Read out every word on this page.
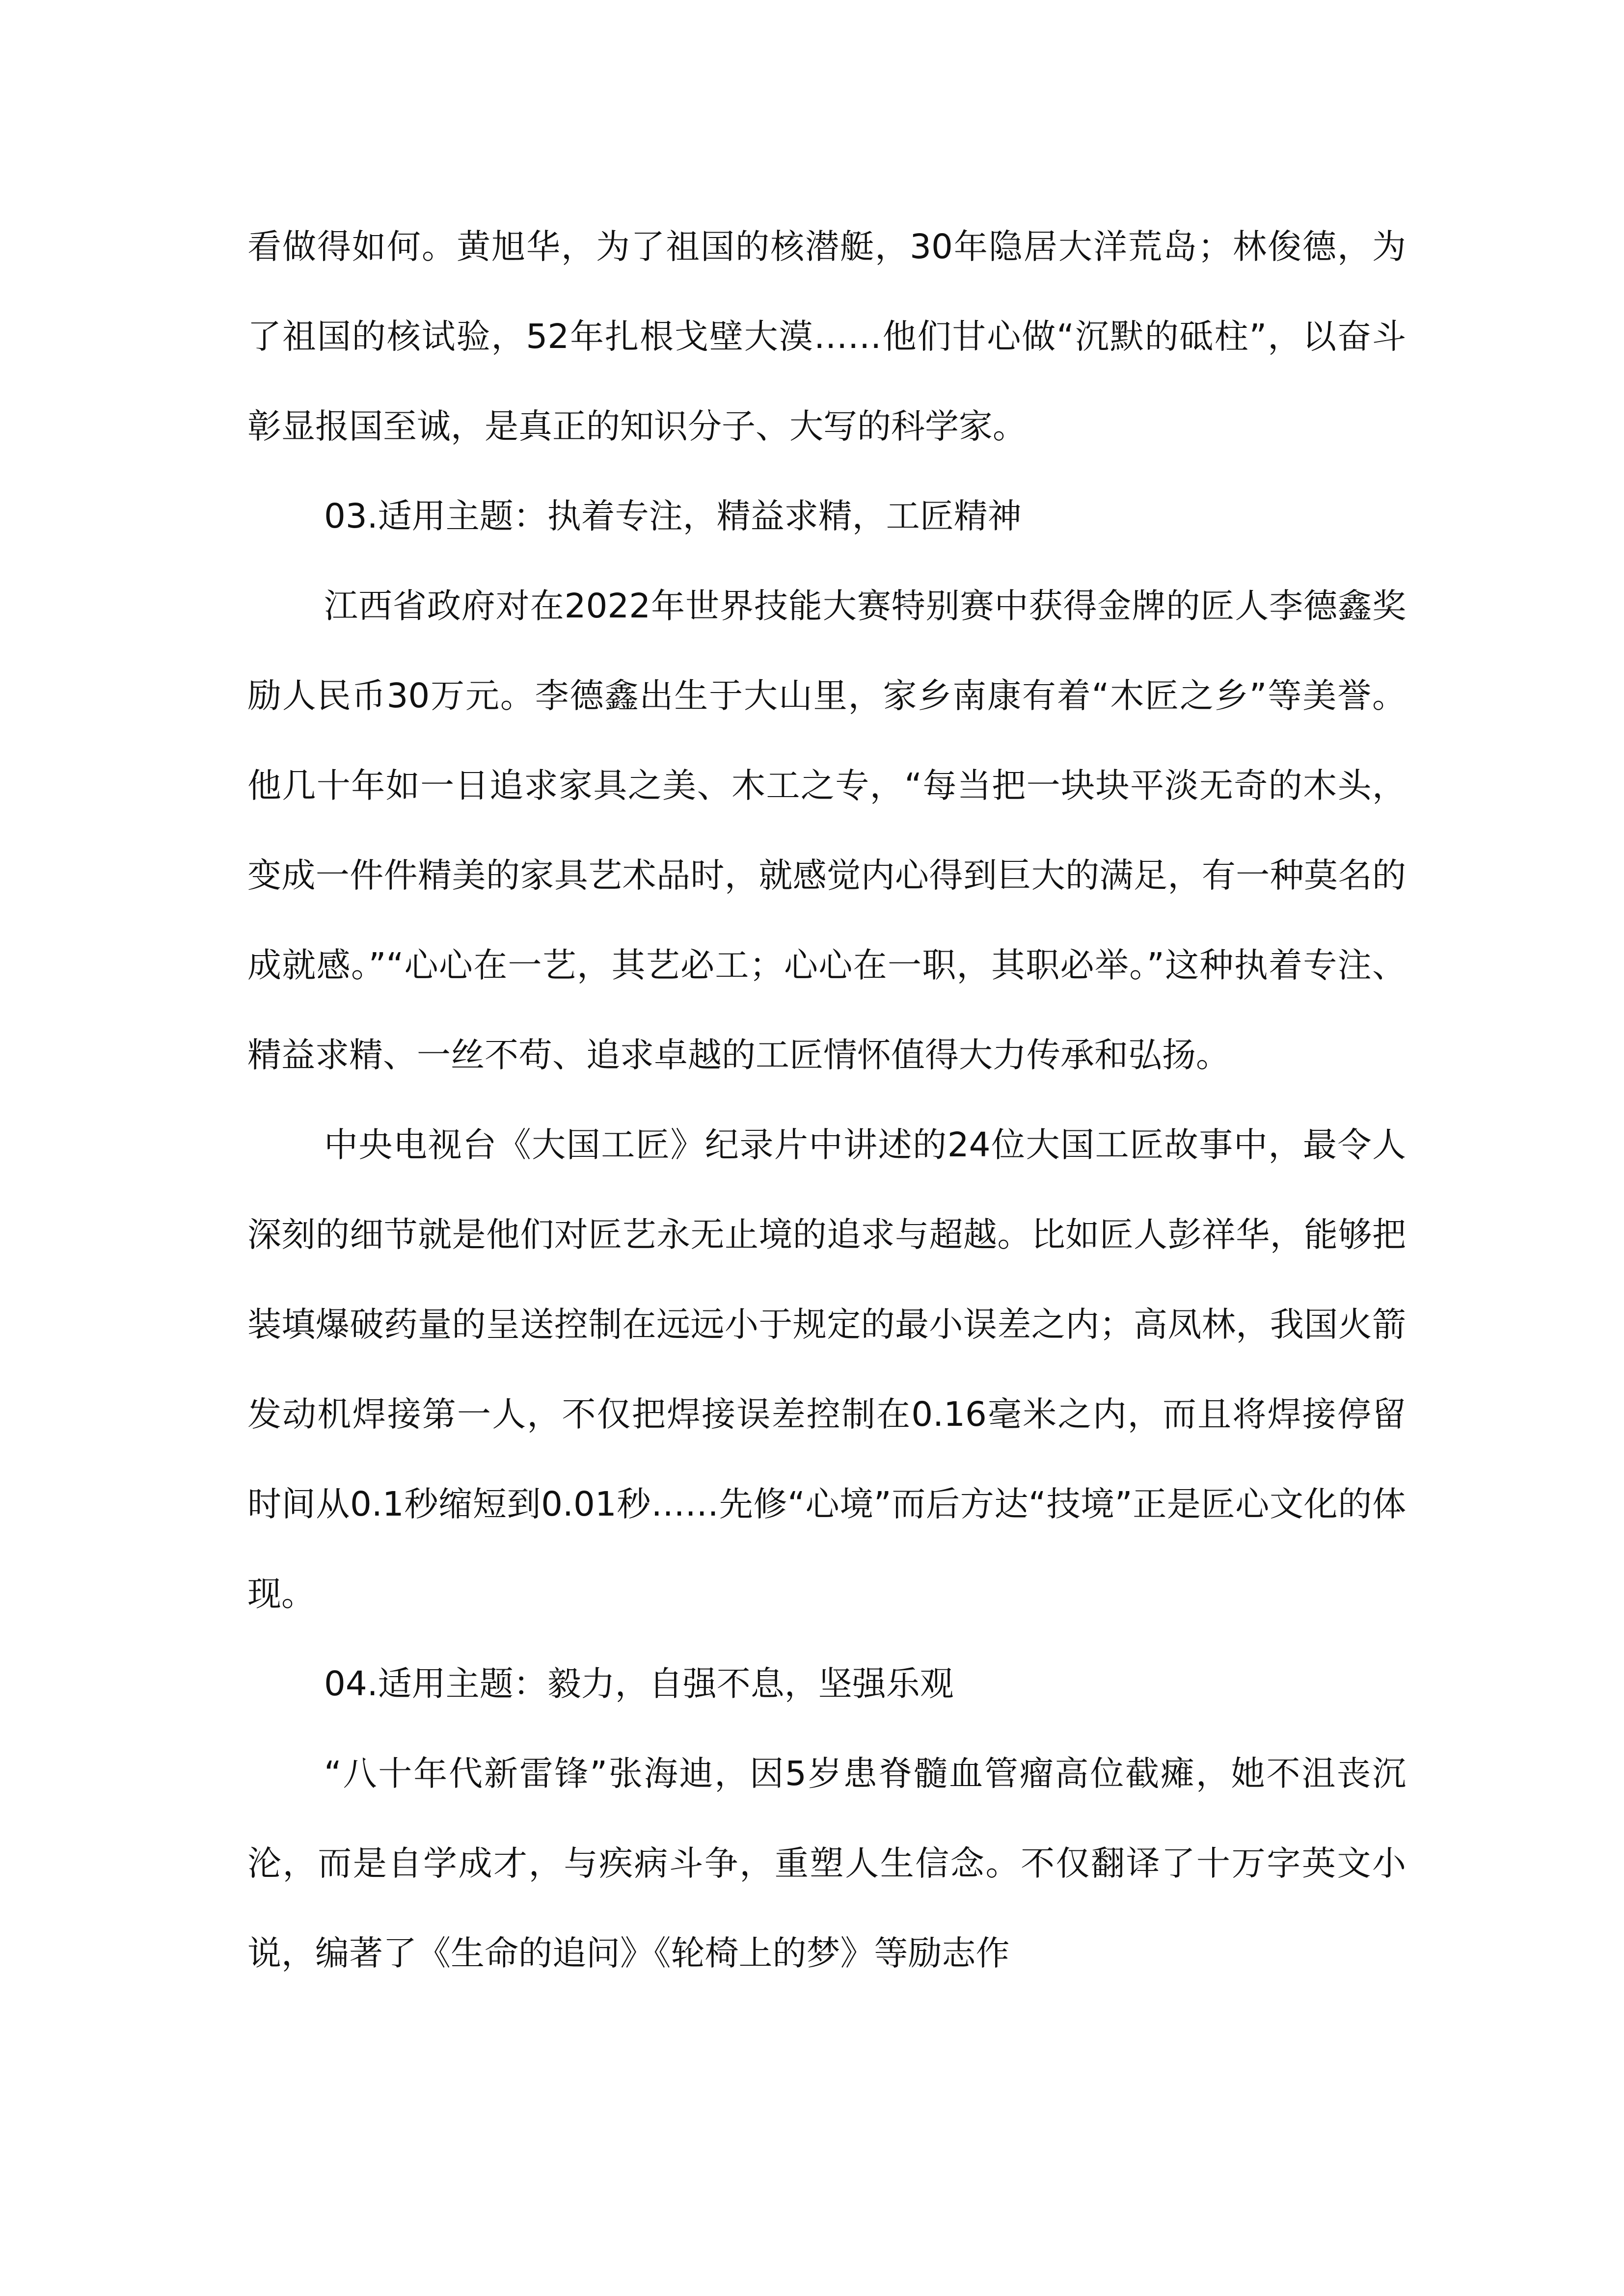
看做得如何。黄旭华，为了祖国的核潜艇，30年隐居大洋荒岛；林俊德，为了祖国的核试验，52年扎根戈壁大漠……他们甘心做“沉默的砥柱”，以奋斗彰显报国至诚，是真正的知识分子、大写的科学家。

03.适用主题：执着专注，精益求精，工匠精神

江西省政府对在2022年世界技能大赛特别赛中获得金牌的匠人李德鑫奖励人民币30万元。李德鑫出生于大山里，家乡南康有着“木匠之乡”等美誉。他几十年如一日追求家具之美、木工之专，“每当把一块块平淡无奇的木头，变成一件件精美的家具艺术品时，就感觉内心得到巨大的满足，有一种莫名的成就感。”“心心在一艺，其艺必工；心心在一职，其职必举。”这种执着专注、精益求精、一丝不苟、追求卓越的工匠情怀值得大力传承和弘扬。

中央电视台《大国工匠》纪录片中讲述的24位大国工匠故事中，最令人深刻的细节就是他们对匠艺永无止境的追求与超越。比如匠人彭祥华，能够把装填爆破药量的呈送控制在远远小于规定的最小误差之内；高凤林，我国火箭发动机焊接第一人，不仅把焊接误差控制在0.16毫米之内，而且将焊接停留时间从0.1秒缩短到0.01秒……先修“心境”而后方达“技境”正是匠心文化的体现。

04.适用主题：毅力，自强不息，坚强乐观

“八十年代新雷锋”张海迪，因5岁患脊髓血管瘤高位截瘫，她不沮丧沉沦，而是自学成才，与疾病斗争，重塑人生信念。不仅翻译了十万字英文小说，编著了《生命的追问》《轮椅上的梦》等励志作
